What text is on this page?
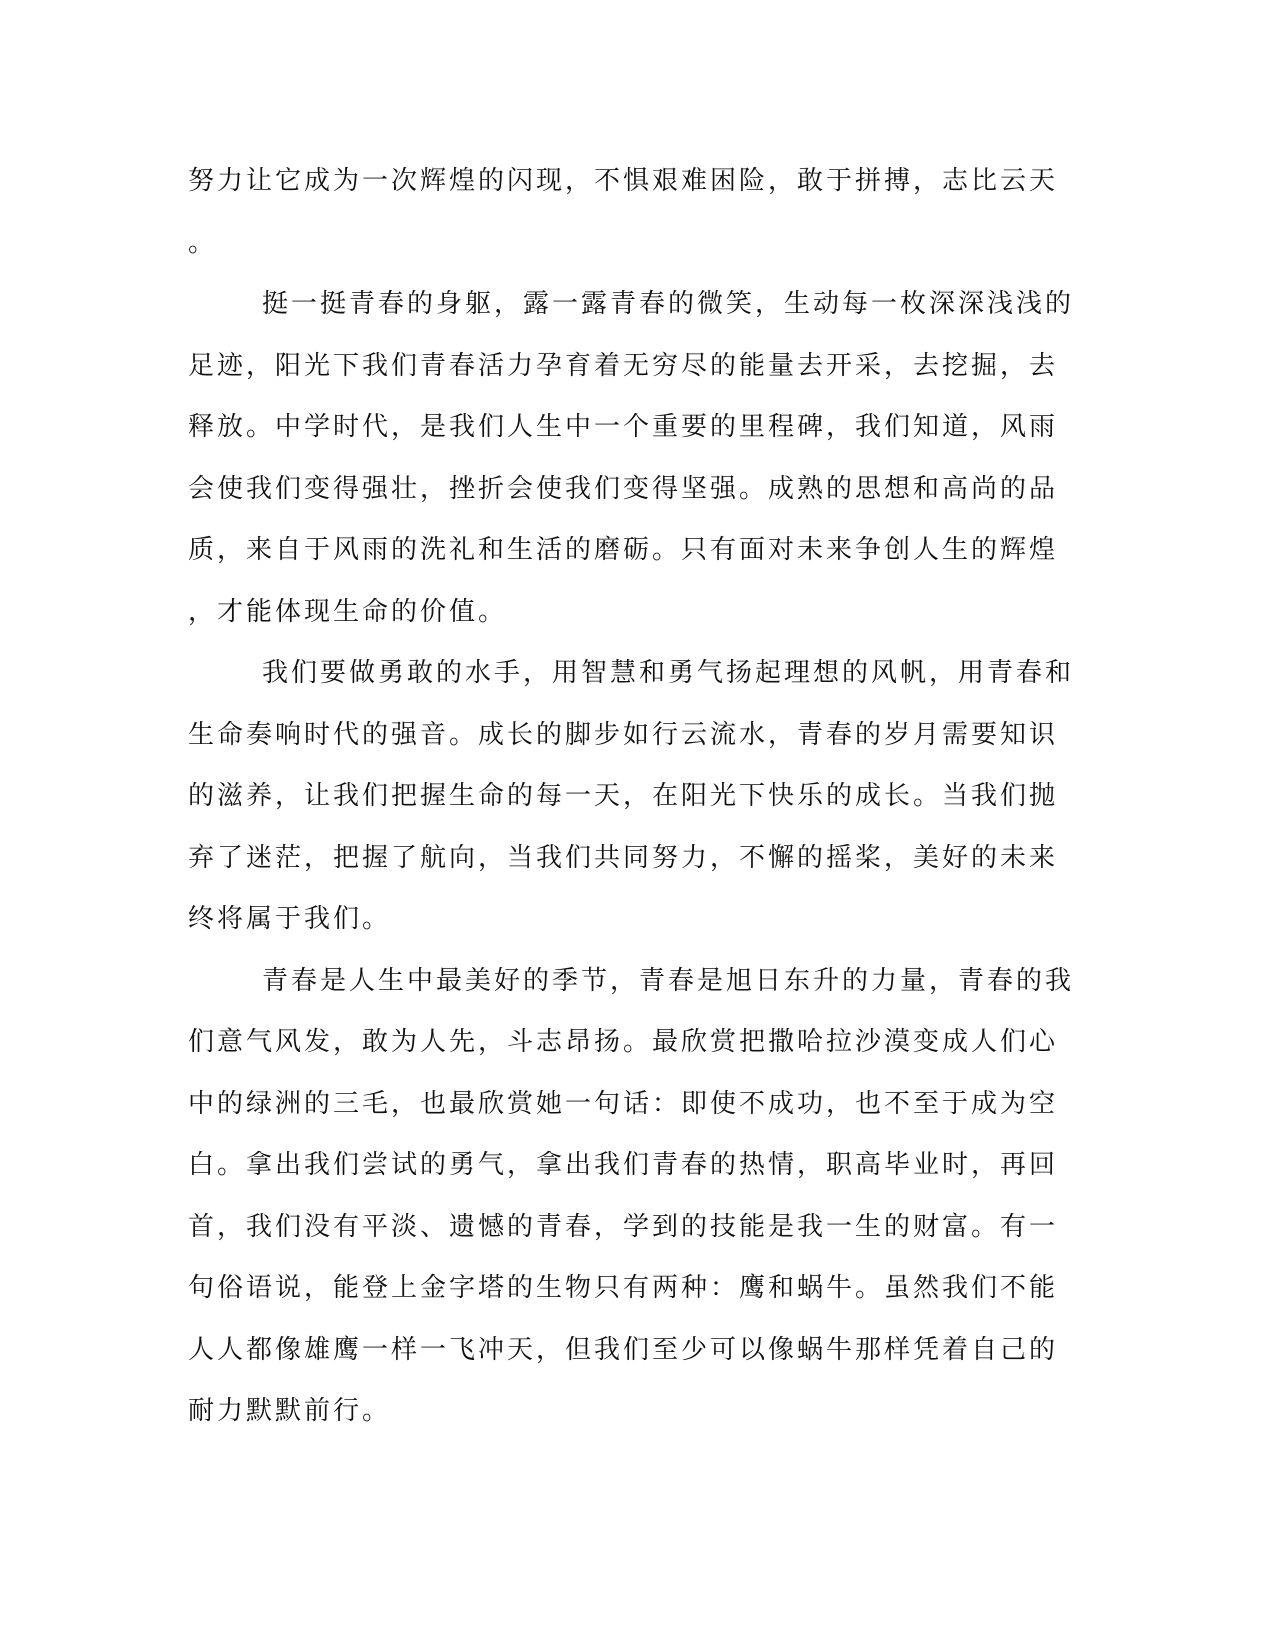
努力让它成为一次辉煌的闪现，不惧艰难困险，敢于拼搏，志比云天
。
挺一挺青春的身躯，露一露青春的微笑，生动每一枚深深浅浅的
足迹，阳光下我们青春活力孕育着无穷尽的能量去开采，去挖掘，去
释放。中学时代，是我们人生中一个重要的里程碑，我们知道，风雨
会使我们变得强壮，挫折会使我们变得坚强。成熟的思想和高尚的品
质，来自于风雨的洗礼和生活的磨砺。只有面对未来争创人生的辉煌
，才能体现生命的价值。
我们要做勇敢的水手，用智慧和勇气扬起理想的风帆，用青春和
生命奏响时代的强音。成长的脚步如行云流水，青春的岁月需要知识
的滋养，让我们把握生命的每一天，在阳光下快乐的成长。当我们抛
弃了迷茫，把握了航向，当我们共同努力，不懈的摇桨，美好的未来
终将属于我们。
青春是人生中最美好的季节，青春是旭日东升的力量，青春的我
们意气风发，敢为人先，斗志昂扬。最欣赏把撒哈拉沙漠变成人们心
中的绿洲的三毛，也最欣赏她一句话：即使不成功，也不至于成为空
白。拿出我们尝试的勇气，拿出我们青春的热情，职高毕业时，再回
首，我们没有平淡、遗憾的青春，学到的技能是我一生的财富。有一
句俗语说，能登上金字塔的生物只有两种：鹰和蜗牛。虽然我们不能
人人都像雄鹰一样一飞冲天，但我们至少可以像蜗牛那样凭着自己的
耐力默默前行。
